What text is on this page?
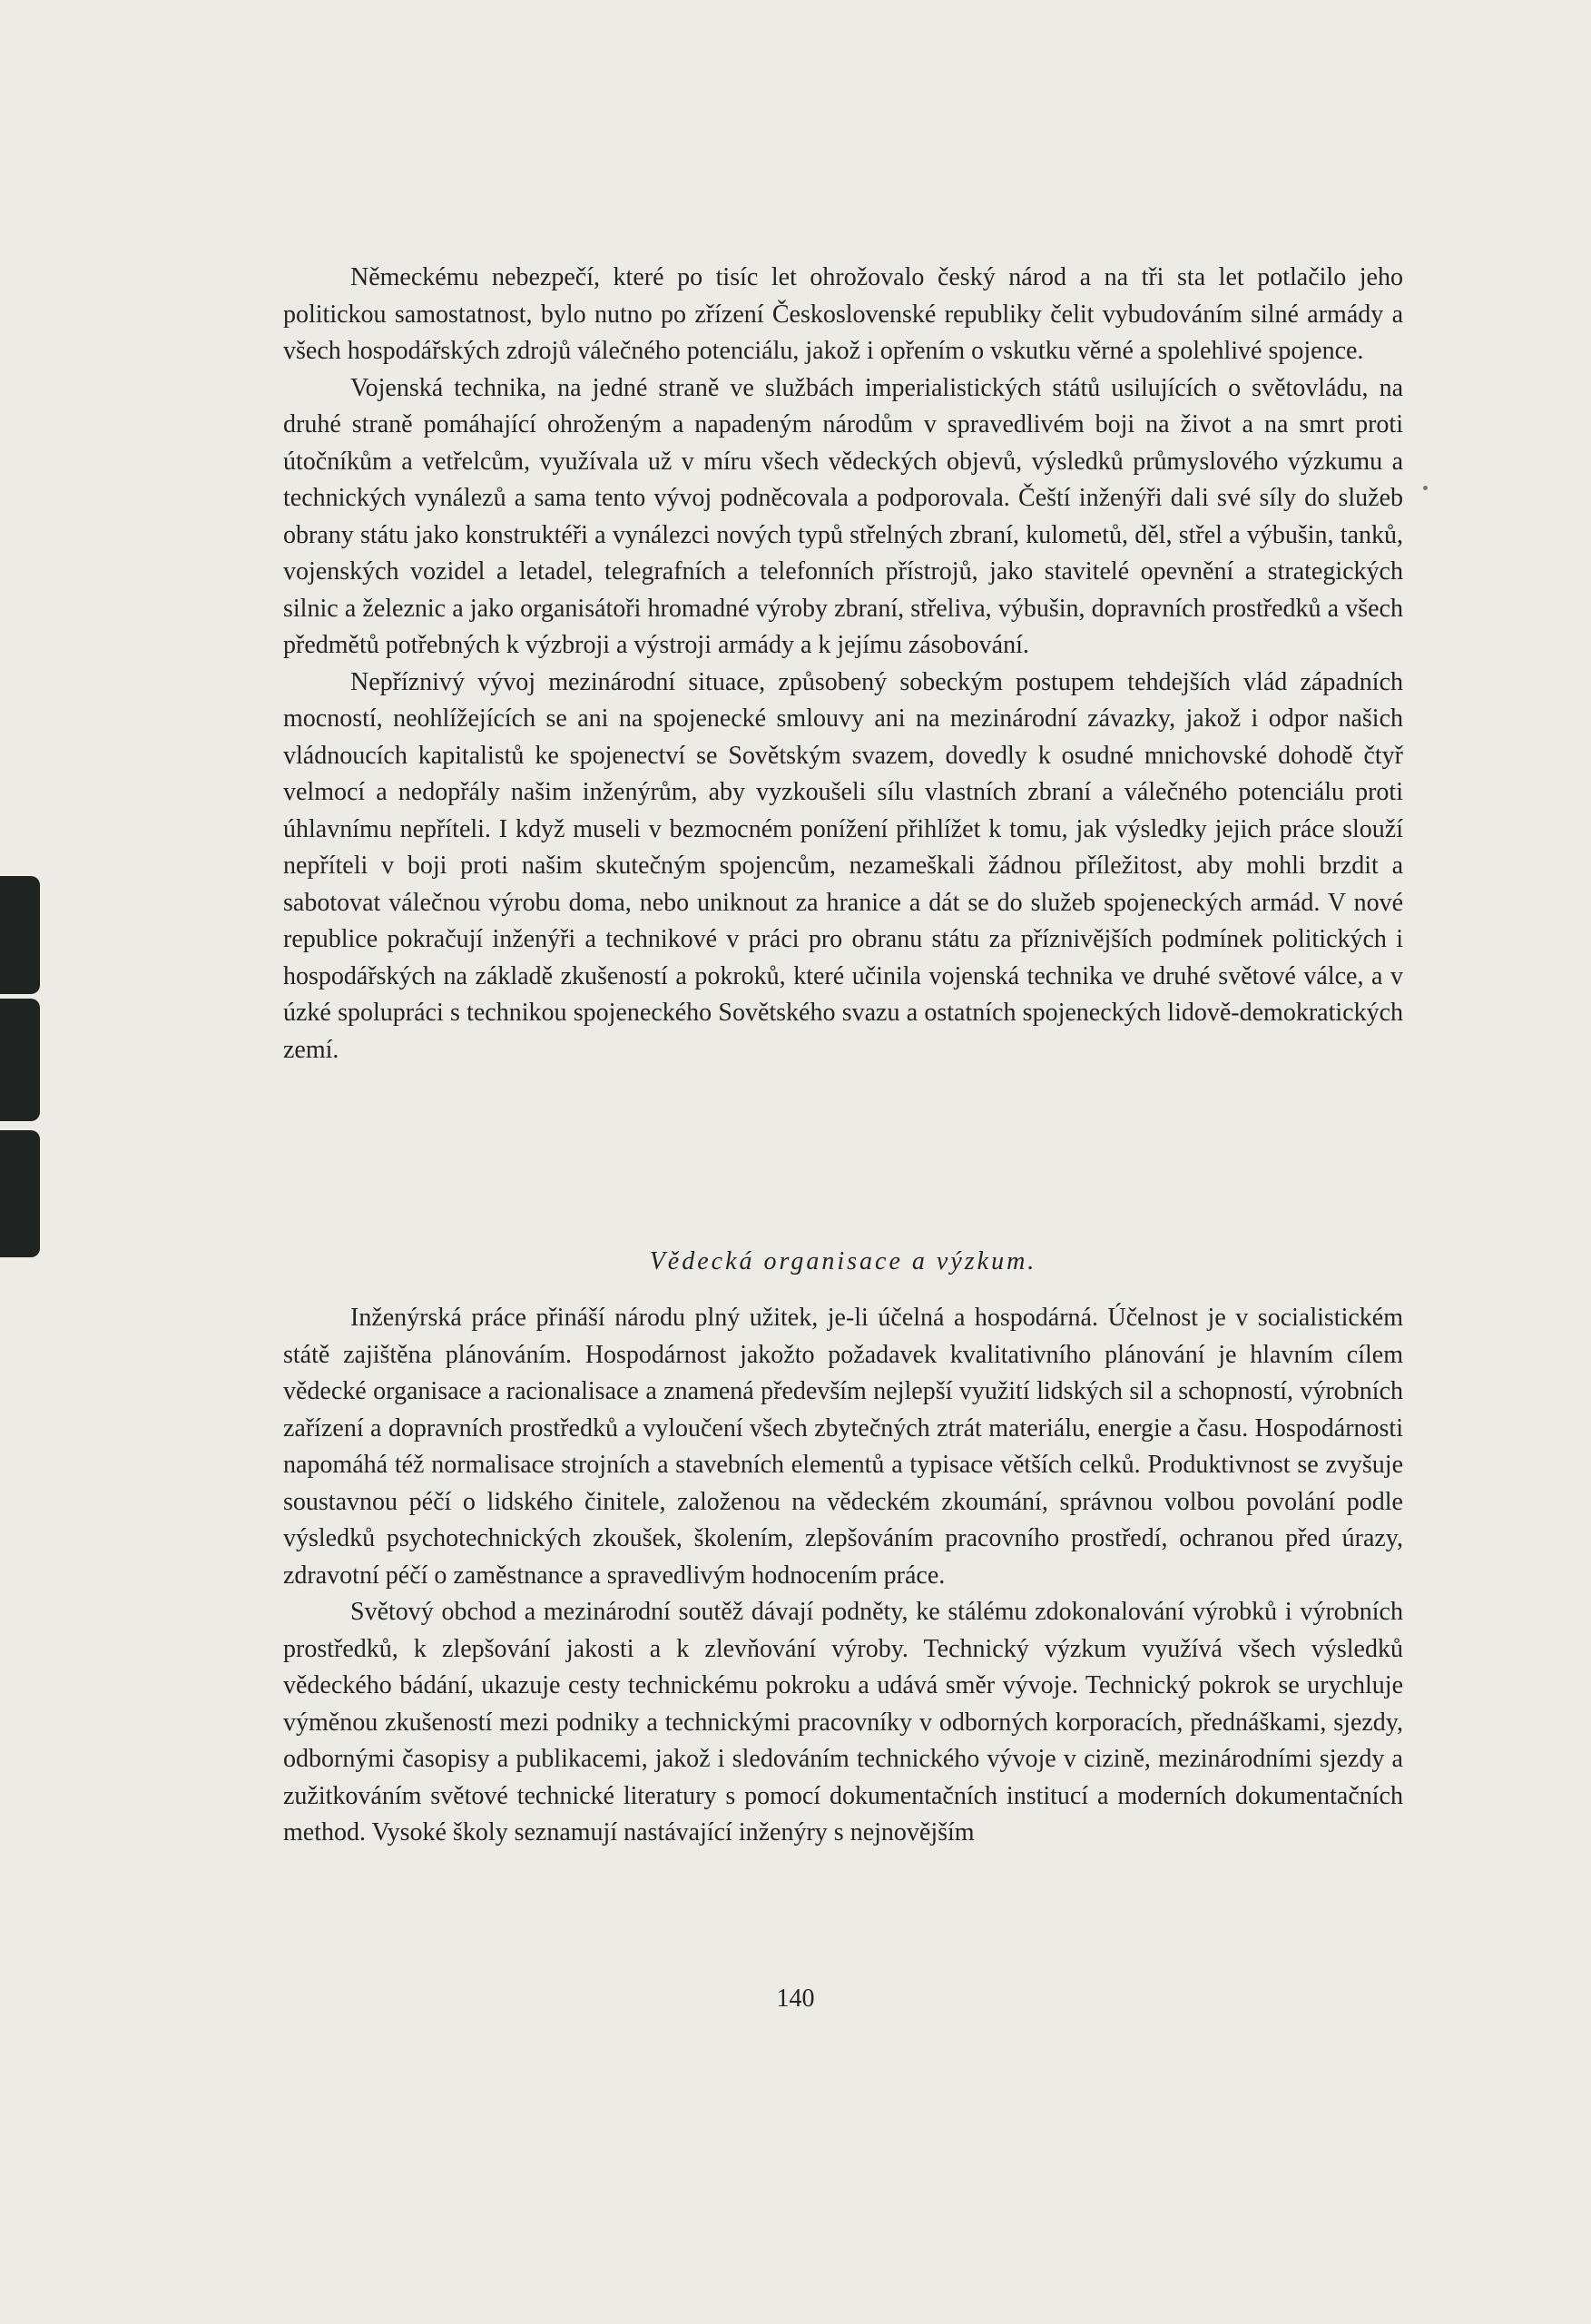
Německému nebezpečí, které po tisíc let ohrožovalo český národ a na tři sta let potlačilo jeho politickou samostatnost, bylo nutno po zřízení Československé republiky čelit vybudováním silné armády a všech hospodářských zdrojů válečného potenciálu, jakož i opřením o vskutku věrné a spolehlivé spojence.

Vojenská technika, na jedné straně ve službách imperialistických států usilujících o světovládu, na druhé straně pomáhající ohroženým a napadeným národům v spravedlivém boji na život a na smrt proti útočníkům a vetřelcům, využívala už v míru všech vědeckých objevů, výsledků průmyslového výzkumu a technických vynálezů a sama tento vývoj podněcovala a podporovala. Čeští inženýři dali své síly do služeb obrany státu jako konstruktéři a vynálezci nových typů střelných zbraní, kulometů, děl, střel a výbušin, tanků, vojenských vozidel a letadel, telegrafních a telefonních přístrojů, jako stavitelé opevnění a strategických silnic a železnic a jako organisátoři hromadné výroby zbraní, střeliva, výbušin, dopravních prostředků a všech předmětů potřebných k výzbroji a výstroji armády a k jejímu zásobování.

Nepříznivý vývoj mezinárodní situace, způsobený sobeckým postupem tehdejších vlád západních mocností, neohlížejících se ani na spojenecké smlouvy ani na mezinárodní závazky, jakož i odpor našich vládnoucích kapitalistů ke spojenectví se Sovětským svazem, dovedly k osudné mnichovské dohodě čtyř velmocí a nedopřály našim inženýrům, aby vyzkoušeli sílu vlastních zbraní a válečného potenciálu proti úhlavnímu nepříteli. I když museli v bezmocném ponížení přihlížet k tomu, jak výsledky jejich práce slouží nepříteli v boji proti našim skutečným spojencům, nezameškali žádnou příležitost, aby mohli brzdit a sabotovat válečnou výrobu doma, nebo uniknout za hranice a dát se do služeb spojeneckých armád. V nové republice pokračují inženýři a technikové v práci pro obranu státu za příznivějších podmínek politických i hospodářských na základě zkušeností a pokroků, které učinila vojenská technika ve druhé světové válce, a v úzké spolupráci s technikou spojeneckého Sovětského svazu a ostatních spojeneckých lidově-demokratických zemí.

Vědecká organisace a výzkum.

Inženýrská práce přináší národu plný užitek, je-li účelná a hospodárná. Účelnost je v socialistickém státě zajištěna plánováním. Hospodárnost jakožto požadavek kvalitativního plánování je hlavním cílem vědecké organisace a racionalisace a znamená především nejlepší využití lidských sil a schopností, výrobních zařízení a dopravních prostředků a vyloučení všech zbytečných ztrát materiálu, energie a času. Hospodárnosti napomáhá též normalisace strojních a stavebních elementů a typisace větších celků. Produktivnost se zvyšuje soustavnou péčí o lidského činitele, založenou na vědeckém zkoumání, správnou volbou povolání podle výsledků psychotechnických zkoušek, školením, zlepšováním pracovního prostředí, ochranou před úrazy, zdravotní péčí o zaměstnance a spravedlivým hodnocením práce.

Světový obchod a mezinárodní soutěž dávají podněty, ke stálému zdokonalování výrobků i výrobních prostředků, k zlepšování jakosti a k zlevňování výroby. Technický výzkum využívá všech výsledků vědeckého bádání, ukazuje cesty technickému pokroku a udává směr vývoje. Technický pokrok se urychluje výměnou zkušeností mezi podniky a technickými pracovníky v odborných korporacích, přednáškami, sjezdy, odbornými časopisy a publikacemi, jakož i sledováním technického vývoje v cizině, mezinárodními sjezdy a zužitkováním světové technické literatury s pomocí dokumentačních institucí a moderních dokumentačních method. Vysoké školy seznamují nastávající inženýry s nejnovějším

140
